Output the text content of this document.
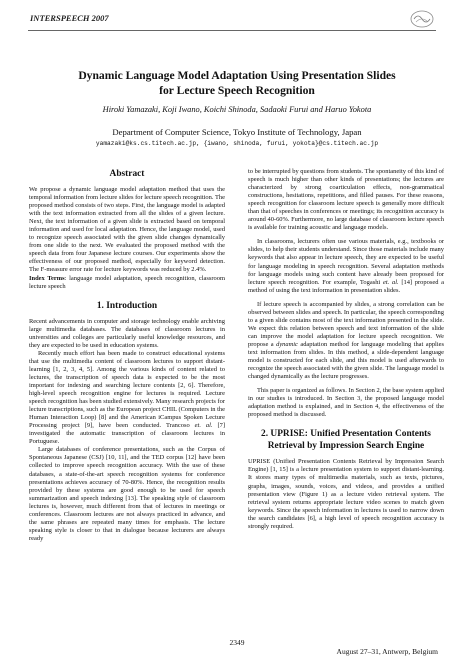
INTERSPEECH 2007
Dynamic Language Model Adaptation Using Presentation Slides
for Lecture Speech Recognition
Hiroki Yamazaki, Koji Iwano, Koichi Shinoda, Sadaoki Furui and Haruo Yokota
Department of Computer Science, Tokyo Institute of Technology, Japan
yamazaki@ks.cs.titech.ac.jp, {iwano, shinoda, furui, yokota}@cs.titech.ac.jp
Abstract

We propose a dynamic language model adaptation method that uses the temporal information from lecture slides for lecture speech recognition. The proposed method consists of two steps. First, the language model is adapted with the text information extracted from all the slides of a given lecture. Next, the text information of a given slide is extracted based on temporal information and used for local adaptation. Hence, the language model, used to recognize speech associated with the given slide changes dynamically from one slide to the next. We evaluated the proposed method with the speech data from four Japanese lecture courses. Our experiments show the effectiveness of our proposed method, especially for keyword detection. The F-measure error rate for lecture keywords was reduced by 2.4%.

Index Terms: language model adaptation, speech recognition, classroom lecture speech

1. Introduction

Recent advancements in computer and storage technology enable archiving large multimedia databases. The databases of classroom lectures in universities and colleges are particularly useful knowledge resources, and they are expected to be used in education systems.

Recently much effort has been made to construct educational systems that use the multimedia content of classroom lectures to support distant-learning [1, 2, 3, 4, 5]. Among the various kinds of content related to lectures, the transcription of speech data is expected to be the most important for indexing and searching lecture contents [2, 6]. Therefore, high-level speech recognition engine for lectures is required. Lecture speech recognition has been studied extensively. Many research projects for lecture transcriptions, such as the European project CHIL (Computers in the Human Interaction Loop) [8] and the American iCampus Spoken Lecture Processing project [9], have been conducted. Trancoso et. al. [7] investigated the automatic transcription of classroom lectures in Portuguese.

Large databases of conference presentations, such as the Corpus of Spontaneous Japanese (CSJ) [10, 11], and the TED corpus [12] have been collected to improve speech recognition accuracy. With the use of these databases, a state-of-the-art speech recognition systems for conference presentations achieves accuracy of 70-80%. Hence, the recognition results provided by these systems are good enough to be used for speech summarization and speech indexing [13]. The speaking style of classroom lectures is, however, much different from that of lectures in meetings or conferences. Classroom lectures are not always practiced in advance, and the same phrases are repeated many times for emphasis. The lecture speaking style is closer to that in dialogue because lecturers are always ready

to be interrupted by questions from students. The spontaneity of this kind of speech is much higher than other kinds of presentations; the lectures are characterized by strong coarticulation effects, non-grammatical constructions, hesitations, repetitions, and filled pauses. For these reasons, speech recognition for classroom lecture speech is generally more difficult than that of speeches in conferences or meetings; its recognition accuracy is around 40-60%. Furthermore, no large database of classroom lecture speech is available for training acoustic and language models.

In classrooms, lecturers often use various materials, e.g., textbooks or slides, to help their students understand. Since those materials include many keywords that also appear in lecture speech, they are expected to be useful for language modeling in speech recognition. Several adaptation methods for language models using such content have already been proposed for lecture speech recognition. For example, Togashi et. al. [14] proposed a method of using the text information in presentation slides.

If lecture speech is accompanied by slides, a strong correlation can be observed between slides and speech. In particular, the speech corresponding to a given slide contains most of the text information presented in the slide. We expect this relation between speech and text information of the slide can improve the model adaptation for lecture speech recognition. We propose a dynamic adaptation method for language modeling that applies text information from slides. In this method, a slide-dependent language model is constructed for each slide, and this model is used afterwards to recognize the speech associated with the given slide. The language model is changed dynamically as the lecture progresses.

This paper is organized as follows. In Section 2, the base system applied in our studies is introduced. In Section 3, the proposed language model adaptation method is explained, and in Section 4, the effectiveness of the proposed method is discussed.

2. UPRISE: Unified Presentation Contents
Retrieval by Impression Search Engine

UPRISE (Unified Presentation Contents Retrieval by Impression Search Engine) [1, 15] is a lecture presentation system to support distant-learning. It stores many types of multimedia materials, such as texts, pictures, graphs, images, sounds, voices, and videos, and provides a unified presentation view (Figure 1) as a lecture video retrieval system. The retrieval system returns appropriate lecture video scenes to match given keywords. Since the speech information in lectures is used to narrow down the search candidates [6], a high level of speech recognition accuracy is strongly required.

2349
August 27–31, Antwerp, Belgium
